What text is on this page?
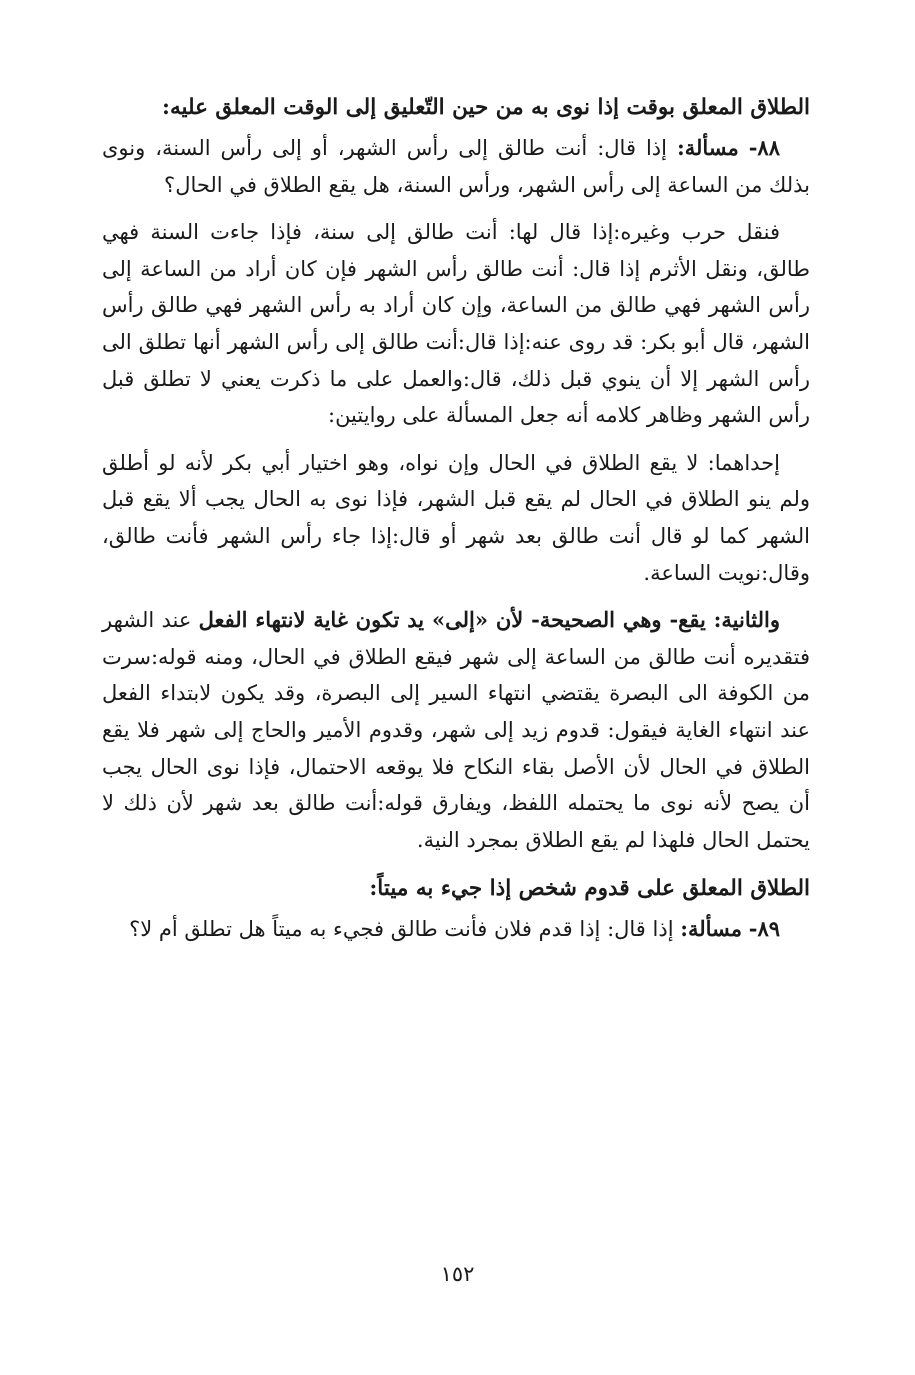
الطلاق المعلق بوقت إذا نوى به من حين التّعليق إلى الوقت المعلق عليه:
٨٨- مسألة: إذا قال: أنت طالق إلى رأس الشهر، أو إلى رأس السنة، ونوى بذلك من الساعة إلى رأس الشهر، ورأس السنة، هل يقع الطلاق في الحال؟
فنقل حرب وغيره:إذا قال لها: أنت طالق إلى سنة، فإذا جاءت السنة فهي طالق، ونقل الأثرم إذا قال: أنت طالق رأس الشهر فإن كان أراد من الساعة إلى رأس الشهر فهي طالق من الساعة، وإن كان أراد به رأس الشهر فهي طالق رأس الشهر، قال أبو بكر: قد روى عنه:إذا قال:أنت طالق إلى رأس الشهر أنها تطلق الى رأس الشهر إلا أن ينوي قبل ذلك، قال:والعمل على ما ذكرت يعني لا تطلق قبل رأس الشهر وظاهر كلامه أنه جعل المسألة على روايتين:
إحداهما: لا يقع الطلاق في الحال وإن نواه، وهو اختيار أبي بكر لأنه لو أطلق ولم ينو الطلاق في الحال لم يقع قبل الشهر، فإذا نوى به الحال يجب ألا يقع قبل الشهر كما لو قال أنت طالق بعد شهر أو قال:إذا جاء رأس الشهر فأنت طالق، وقال:نويت الساعة.
والثانية: يقع- وهي الصحيحة- لأن «إلى» يد تكون غاية لانتهاء الفعل عند الشهر فتقديره أنت طالق من الساعة إلى شهر فيقع الطلاق في الحال، ومنه قوله:سرت من الكوفة الى البصرة يقتضي انتهاء السير إلى البصرة، وقد يكون لابتداء الفعل عند انتهاء الغاية فيقول: قدوم زيد إلى شهر، وقدوم الأمير والحاج إلى شهر فلا يقع الطلاق في الحال لأن الأصل بقاء النكاح فلا يوقعه الاحتمال، فإذا نوى الحال يجب أن يصح لأنه نوى ما يحتمله اللفظ، ويفارق قوله:أنت طالق بعد شهر لأن ذلك لا يحتمل الحال فلهذا لم يقع الطلاق بمجرد النية.
الطلاق المعلق على قدوم شخص إذا جيء به ميتاً:
٨٩- مسألة: إذا قال: إذا قدم فلان فأنت طالق فجيء به ميتاً هل تطلق أم لا؟
١٥٢
